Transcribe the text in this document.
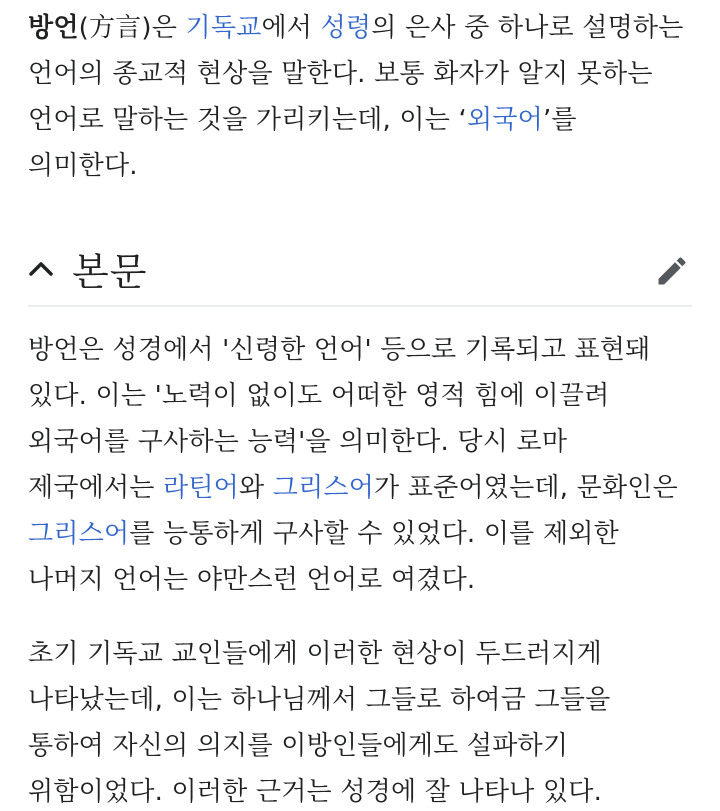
방언(方言)은 기독교에서 성령의 은사 중 하나로 설명하는 언어의 종교적 현상을 말한다. 보통 화자가 알지 못하는 언어로 말하는 것을 가리키는데, 이는 ‘외국어’를 의미한다.

본문

방언은 성경에서 '신령한 언어' 등으로 기록되고 표현돼 있다. 이는 '노력이 없이도 어떠한 영적 힘에 이끌려 외국어를 구사하는 능력'을 의미한다. 당시 로마 제국에서는 라틴어와 그리스어가 표준어였는데, 문화인은 그리스어를 능통하게 구사할 수 있었다. 이를 제외한 나머지 언어는 야만스런 언어로 여겼다.

초기 기독교 교인들에게 이러한 현상이 두드러지게 나타났는데, 이는 하나님께서 그들로 하여금 그들을 통하여 자신의 의지를 이방인들에게도 설파하기 위함이었다. 이러한 근거는 성경에 잘 나타나 있다.
